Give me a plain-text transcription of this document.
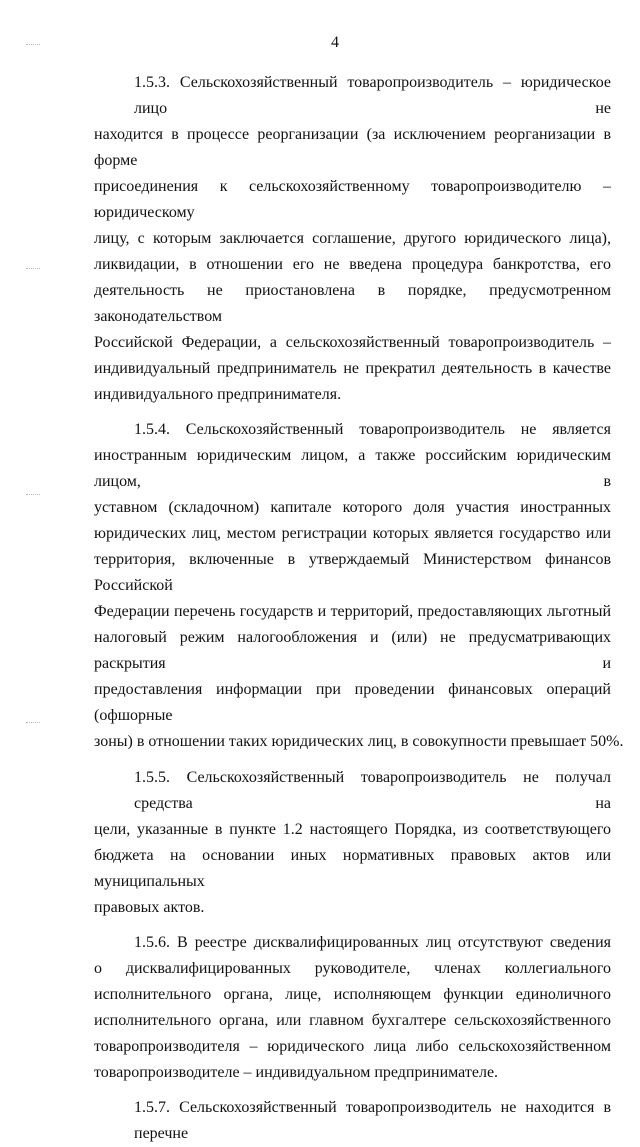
4
1.5.3. Сельскохозяйственный товаропроизводитель – юридическое лицо не
находится в процессе реорганизации (за исключением реорганизации в форме
присоединения к сельскохозяйственному товаропроизводителю – юридическому
лицу, с которым заключается соглашение, другого юридического лица),
ликвидации, в отношении его не введена процедура банкротства, его
деятельность не приостановлена в порядке, предусмотренном законодательством
Российской Федерации, а сельскохозяйственный товаропроизводитель –
индивидуальный предприниматель не прекратил деятельность в качестве
индивидуального предпринимателя.
1.5.4. Сельскохозяйственный товаропроизводитель не является
иностранным юридическим лицом, а также российским юридическим лицом, в
уставном (складочном) капитале которого доля участия иностранных
юридических лиц, местом регистрации которых является государство или
территория, включенные в утверждаемый Министерством финансов Российской
Федерации перечень государств и территорий, предоставляющих льготный
налоговый режим налогообложения и (или) не предусматривающих раскрытия и
предоставления информации при проведении финансовых операций (офшорные
зоны) в отношении таких юридических лиц, в совокупности превышает 50%.
1.5.5. Сельскохозяйственный товаропроизводитель не получал средства на
цели, указанные в пункте 1.2 настоящего Порядка, из соответствующего
бюджета на основании иных нормативных правовых актов или муниципальных
правовых актов.
1.5.6. В реестре дисквалифицированных лиц отсутствуют сведения
о дисквалифицированных руководителе, членах коллегиального
исполнительного органа, лице, исполняющем функции единоличного
исполнительного органа, или главном бухгалтере сельскохозяйственного
товаропроизводителя – юридического лица либо сельскохозяйственном
товаропроизводителе – индивидуальном предпринимателе.
1.5.7. Сельскохозяйственный товаропроизводитель не находится в перечне
